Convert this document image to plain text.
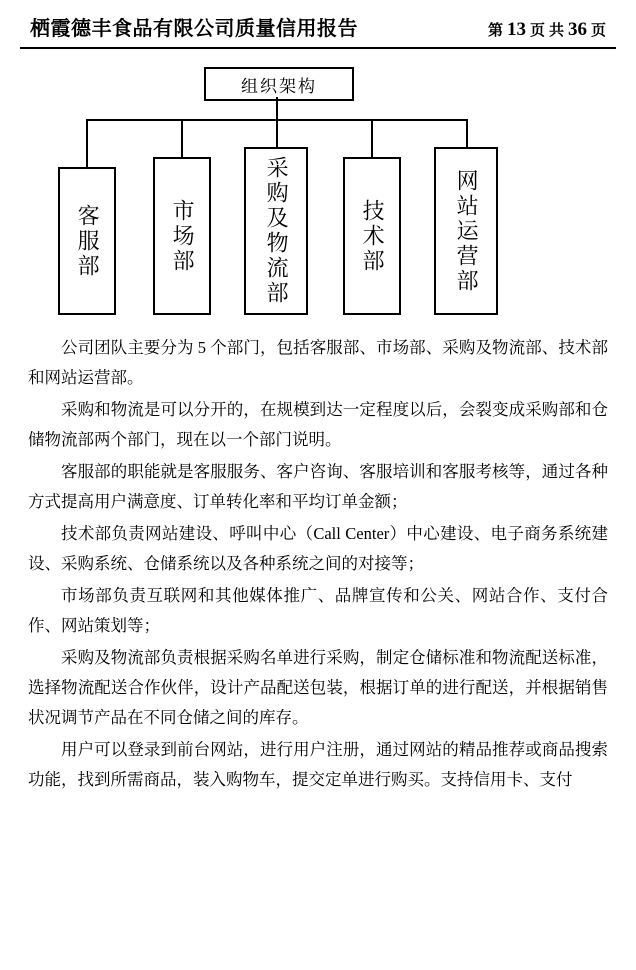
栖霞德丰食品有限公司质量信用报告	第 13 页 共 36 页
组织架构
客服部	市场部	采购及物流部	技术部	网站运营部

公司团队主要分为 5 个部门，包括客服部、市场部、采购及物流部、技术部和网站运营部。

采购和物流是可以分开的，在规模到达一定程度以后，会裂变成采购部和仓储物流部两个部门，现在以一个部门说明。

客服部的职能就是客服服务、客户咨询、客服培训和客服考核等，通过各种方式提高用户满意度、订单转化率和平均订单金额；

技术部负责网站建设、呼叫中心（Call Center）中心建设、电子商务系统建设、采购系统、仓储系统以及各种系统之间的对接等；

市场部负责互联网和其他媒体推广、品牌宣传和公关、网站合作、支付合作、网站策划等；

采购及物流部负责根据采购名单进行采购，制定仓储标准和物流配送标准，选择物流配送合作伙伴，设计产品配送包装，根据订单的进行配送，并根据销售状况调节产品在不同仓储之间的库存。

用户可以登录到前台网站，进行用户注册，通过网站的精品推荐或商品搜索功能，找到所需商品，装入购物车，提交定单进行购买。支持信用卡、支付
